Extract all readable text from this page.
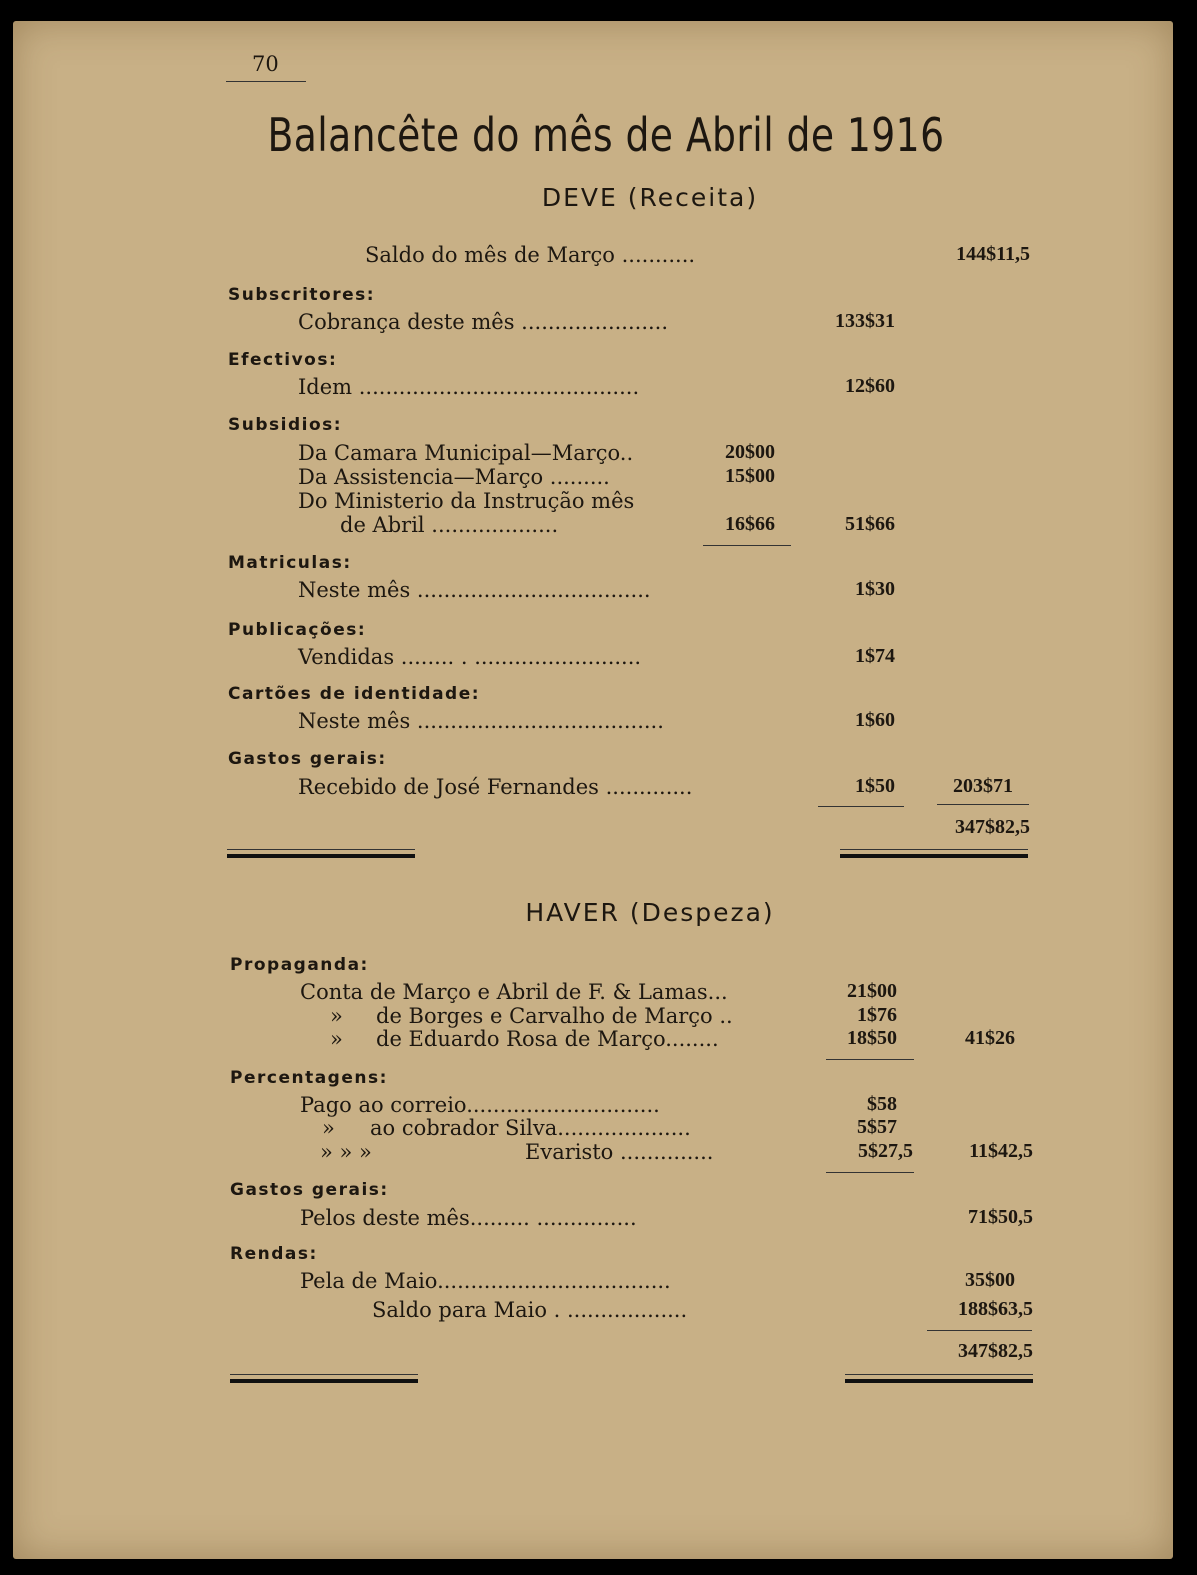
70
Balancête do mês de Abril de 1916
DEVE (Receita)
Saldo do mês de Março ...........	144$11,5
Subscritores:
Cobrança deste mês ......................	133$31
Efectivos:
Idem ..........................................	12$60
Subsidios:
Da Camara Municipal—Março..	20$00
Da Assistencia—Março .........	15$00
Do Ministerio da Instrução mês
de Abril ...................	16$66	51$66
Matriculas:
Neste mês ...................................	1$30
Publicações:
Vendidas ........ . .........................	1$74
Cartões de identidade:
Neste mês .....................................	1$60
Gastos gerais:
Recebido de José Fernandes .............	1$50	203$71
347$82,5
HAVER (Despeza)
Propaganda:
Conta de Março e Abril de F. & Lamas...	21$00
» de Borges e Carvalho de Março ..	1$76
» de Eduardo Rosa de Março........	18$50	41$26
Percentagens:
Pago ao correio.............................	$58
» ao cobrador Silva....................	5$57
» » »	Evaristo ..............	5$27,5	11$42,5
Gastos gerais:
Pelos deste mês......... ...............	71$50,5
Rendas:
Pela de Maio...................................	35$00
Saldo para Maio . ..................	188$63,5
347$82,5
